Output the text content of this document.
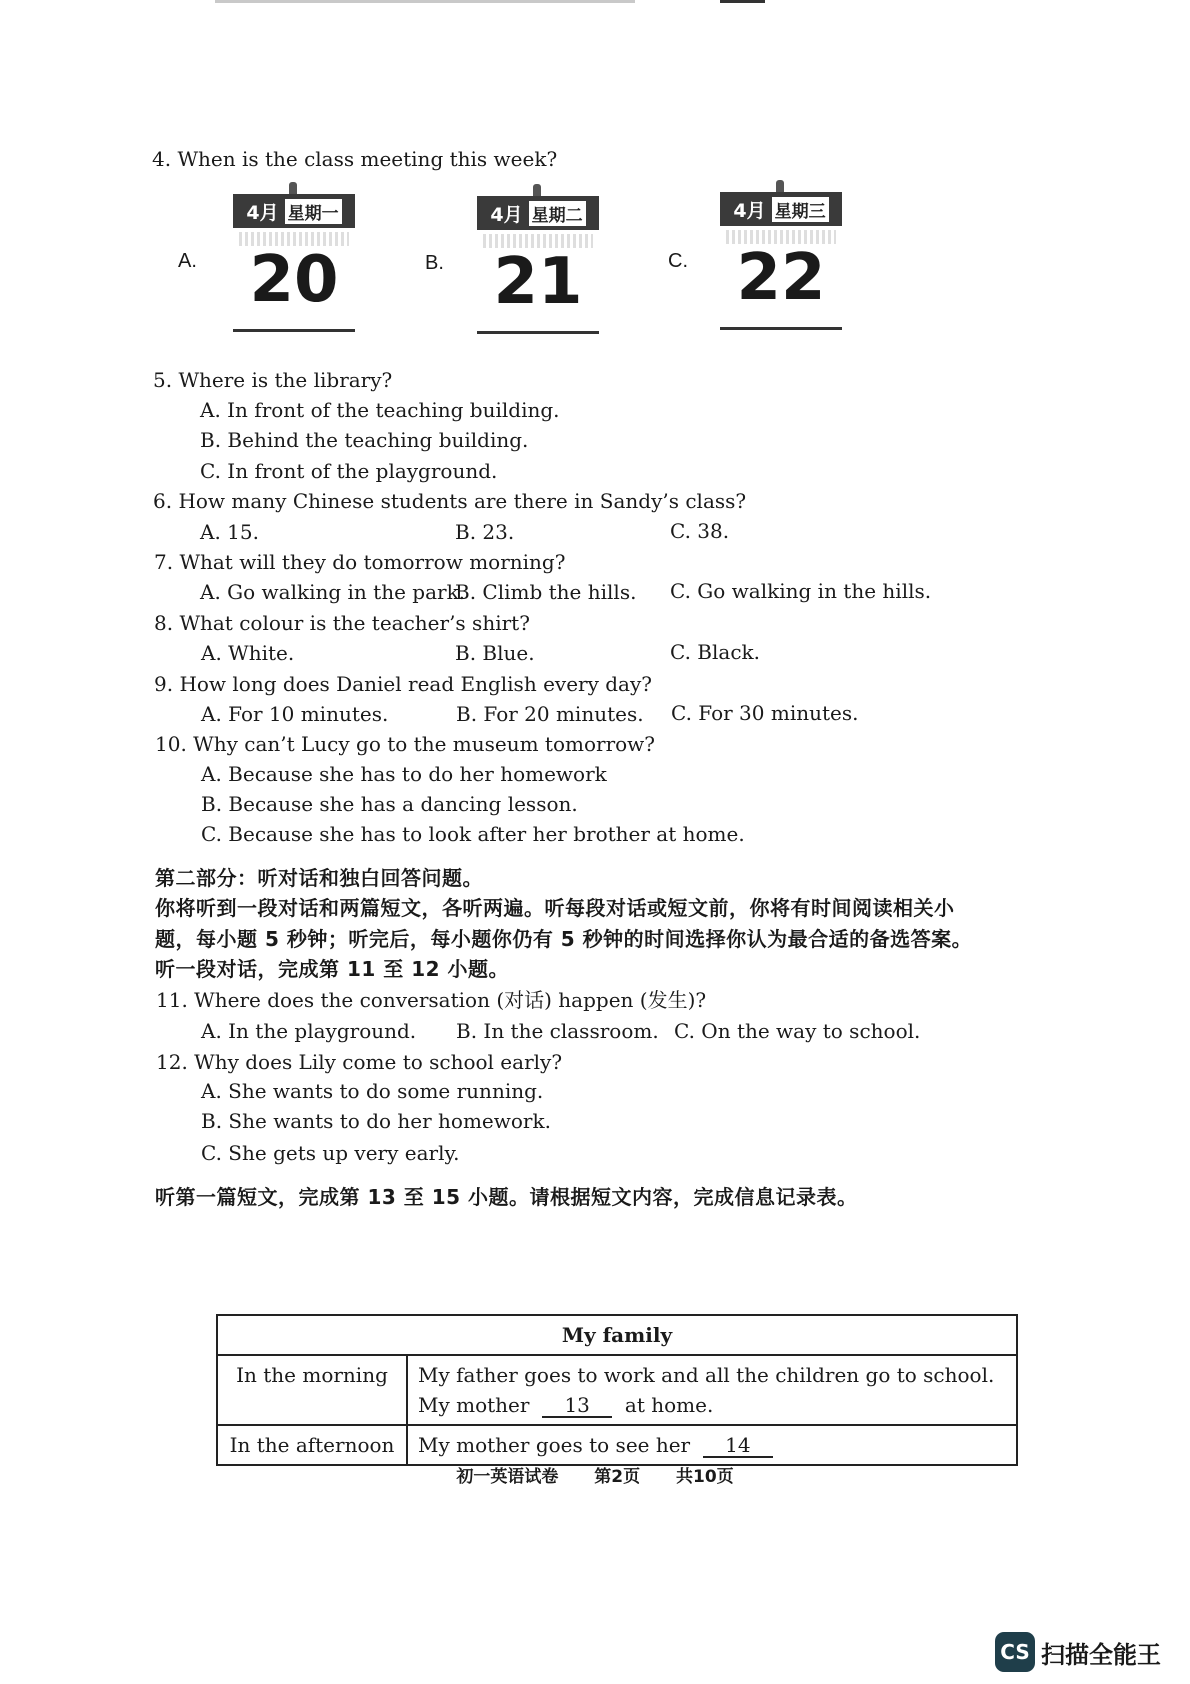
4. When is the class meeting this week?
A.
4月 星期一
20	B.
4月 星期二
21	C.
4月 星期三
22
5. Where is the library?
A. In front of the teaching building.
B. Behind the teaching building.
C. In front of the playground.
6. How many Chinese students are there in Sandy’s class?
A. 15.	B. 23.	C. 38.
7. What will they do tomorrow morning?
A. Go walking in the park.
B. Climb the hills. C. Go walking in the hills.
8. What colour is the teacher’s shirt?
A. White.	B. Blue.	C. Black.
9. How long does Daniel read English every day?
A. For 10 minutes.	B. For 20 minutes. C. For 30 minutes.
10. Why can’t Lucy go to the museum tomorrow?
A. Because she has to do her homework
B. Because she has a dancing lesson.
C. Because she has to look after her brother at home.
第二部分：听对话和独白回答问题。
你将听到一段对话和两篇短文，各听两遍。听每段对话或短文前，你将有时间阅读相关小
题，每小题 5 秒钟；听完后，每小题你仍有 5 秒钟的时间选择你认为最合适的备选答案。
听一段对话，完成第 11 至 12 小题。
11. Where does the conversation (对话) happen (发生)?
A. In the playground. B. In the classroom. C. On the way to school.
12. Why does Lily come to school early?
A. She wants to do some running.
B. She wants to do her homework.
C. She gets up very early.
听第一篇短文，完成第 13 至 15 小题。请根据短文内容，完成信息记录表。
My family	
In the morning	My father goes to work and all the children go to school.
My mother 13 at home.

In the afternoon	My mother goes to see her 14
初一英语试卷 第2页 共10页
CS 扫描全能王
